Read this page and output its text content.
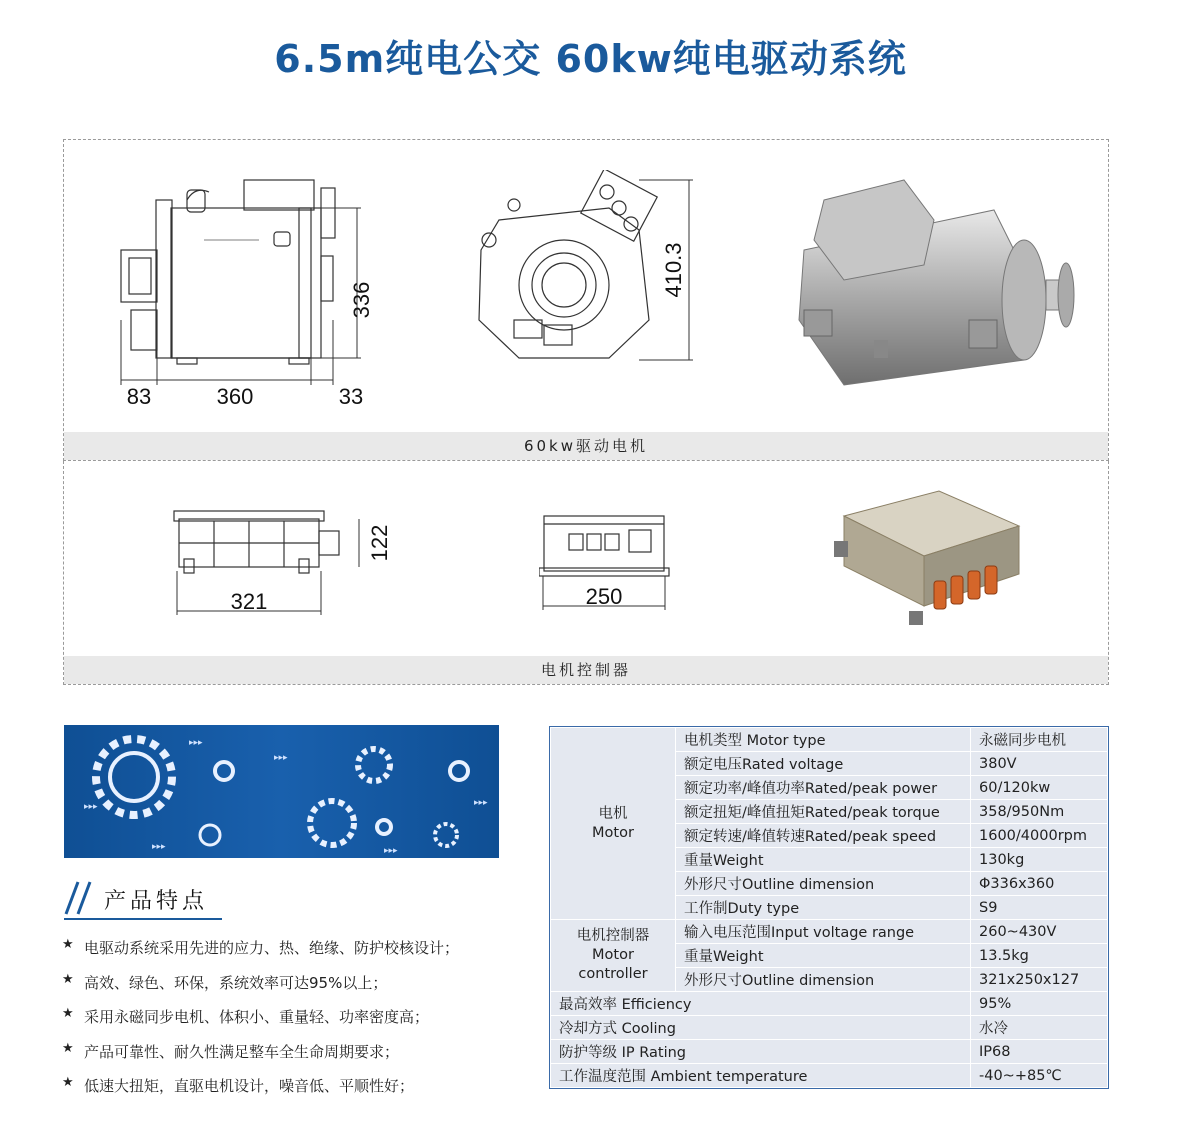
6.5m纯电公交 60kw纯电驱动系统
336
83	360	33
410.3
60kw驱动电机
321
122
250
电机控制器
▸▸▸
▸▸▸
▸▸▸
▸▸▸
▸▸▸
▸▸▸
产品特点
★ 电驱动系统采用先进的应力、热、绝缘、防护校核设计；
★ 高效、绿色、环保，系统效率可达95%以上；
★ 采用永磁同步电机、体积小、重量轻、功率密度高；
★ 产品可靠性、耐久性满足整车全生命周期要求；
★ 低速大扭矩，直驱电机设计，噪音低、平顺性好；
电机
Motor	电机类型 Motor type	永磁同步电机
	额定电压Rated voltage	380V
	额定功率/峰值功率Rated/peak power	60/120kw
	额定扭矩/峰值扭矩Rated/peak torque	358/950Nm
	额定转速/峰值转速Rated/peak speed	1600/4000rpm
	重量Weight	130kg
	外形尺寸Outline dimension	Φ336x360
	工作制Duty type	S9

电机控制器
Motor
controller	输入电压范围Input voltage range	260~430V
	重量Weight	13.5kg
	外形尺寸Outline dimension	321x250x127
最高效率 Efficiency		95%
冷却方式 Cooling		水冷
防护等级 IP Rating		IP68
工作温度范围 Ambient temperature		-40~+85℃
